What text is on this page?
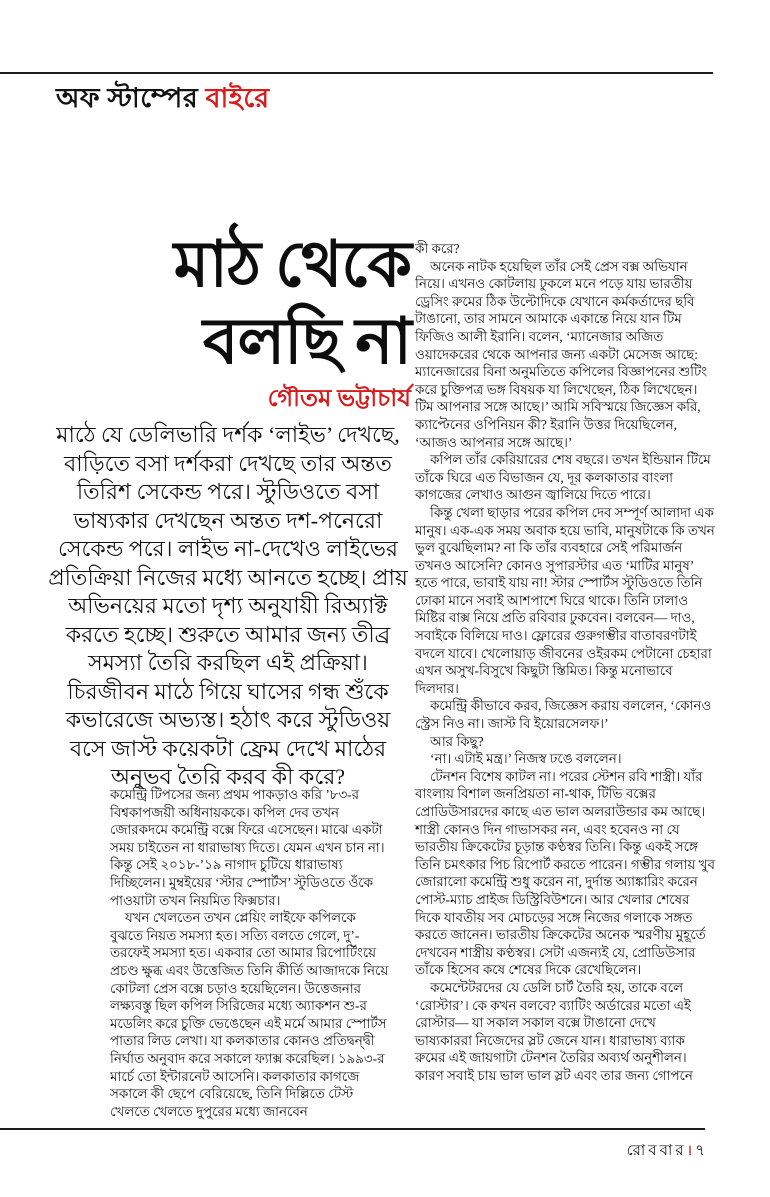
অফ স্টাম্পের বাইরে
মাঠ থেকে
বলছি না
গৌতম ভট্টাচার্য
মাঠে যে ডেলিভারি দর্শক ‘লাইভ’ দেখছে, বাড়িতে বসা দর্শকরা দেখছে তার অন্তত তিরিশ সেকেন্ড পরে। স্টুডিওতে বসা ভাষ্যকার দেখছেন অন্তত দশ-পনেরো সেকেন্ড পরে। লাইভ না-দেখেও লাইভের প্রতিক্রিয়া নিজের মধ্যে আনতে হচ্ছে। প্রায় অভিনয়ের মতো দৃশ্য অনুযায়ী রিঅ্যাক্ট করতে হচ্ছে। শুরুতে আমার জন্য তীব্র সমস্যা তৈরি করছিল এই প্রক্রিয়া। চিরজীবন মাঠে গিয়ে ঘাসের গন্ধ শুঁকে কভারেজে অভ্যস্ত। হঠাৎ করে স্টুডিওয় বসে জাস্ট কয়েকটা ফ্রেম দেখে মাঠের অনুভব তৈরি করব কী করে?

কমেন্ট্রি টিপসের জন্য প্রথম পাকড়াও করি ’৮৩-র বিশ্বকাপজয়ী অধিনায়ককে। কপিল দেব তখন জোরকদমে কমেন্ট্রি বক্সে ফিরে এসেছেন। মাঝে একটা সময় চাইতেন না ধারাভাষ্য দিতে। যেমন এখন চান না। কিন্তু সেই ২০১৮-’১৯ নাগাদ চুটিয়ে ধারাভাষ্য দিচ্ছিলেন। মুম্বইয়ের ‘স্টার স্পোর্টস’ স্টুডিওতে ওঁকে পাওয়াটা তখন নিয়মিত ফিক্সচার।

যখন খেলতেন তখন প্লেয়িং লাইফে কপিলকে বুঝতে নিয়ত সমস্যা হত। সত্যি বলতে গেলে, দু’-তরফেই সমস্যা হত। একবার তো আমার রিপোর্টিংয়ে প্রচণ্ড ক্ষুব্ধ এবং উত্তেজিত তিনি কীর্তি আজাদকে নিয়ে কোটলা প্রেস বক্সে চড়াও হয়েছিলেন। উত্তেজনার লক্ষ্যবস্তু ছিল কপিল সিরিজের মধ্যে অ্যাকশন শু-র মডেলিং করে চুক্তি ভেঙেছেন এই মর্মে আমার স্পোর্টস পাতার লিড লেখা। যা কলকাতার কোনও প্রতিদ্বন্দ্বী নির্ঘাত অনুবাদ করে সকালে ফ্যাক্স করেছিল। ১৯৯৩-র মার্চে তো ইন্টারনেট আসেনি। কলকাতার কাগজে সকালে কী ছেপে বেরিয়েছে, তিনি দিল্লিতে টেস্ট খেলতে খেলতে দুপুরের মধ্যে জানবেন

কী করে?

অনেক নাটক হয়েছিল তাঁর সেই প্রেস বক্স অভিযান নিয়ে। এখনও কোটলায় ঢুকলে মনে পড়ে যায় ভারতীয় ড্রেসিং রুমের ঠিক উল্টোদিকে যেখানে কর্মকর্তাদের ছবি টাঙানো, তার সামনে আমাকে একান্তে নিয়ে যান টিম ফিজিও আলী ইরানি। বলেন, ‘ম্যানেজার অজিত ওয়াদেকরের থেকে আপনার জন্য একটা মেসেজ আছে: ম্যানেজারের বিনা অনুমতিতে কপিলের বিজ্ঞাপনের শুটিং করে চুক্তিপত্র ভঙ্গ বিষয়ক যা লিখেছেন, ঠিক লিখেছেন। টিম আপনার সঙ্গে আছে।’ আমি সবিস্ময়ে জিজ্ঞেস করি, ক্যাপ্টেনের ওপিনিয়ন কী? ইরানি উত্তর দিয়েছিলেন, ‘আজও আপনার সঙ্গে আছে।’

কপিল তাঁর কেরিয়ারের শেষ বছরে। তখন ইন্ডিয়ান টিমে তাঁকে ঘিরে এত বিভাজন যে, দূর কলকাতার বাংলা কাগজের লেখাও আগুন জ্বালিয়ে দিতে পারে।

কিন্তু খেলা ছাড়ার পরের কপিল দেব সম্পূর্ণ আলাদা এক মানুষ। এক-এক সময় অবাক হয়ে ভাবি, মানুষটাকে কি তখন ভুল বুঝেছিলাম? না কি তাঁর ব্যবহারে সেই পরিমার্জন তখনও আসেনি? কোনও সুপারস্টার এত ‘মাটির মানুষ’ হতে পারে, ভাবাই যায় না! স্টার স্পোর্টস স্টুডিওতে তিনি ঢোকা মানে সবাই আশপাশে ঘিরে থাকে। তিনি ঢালাও মিষ্টির বাক্স নিয়ে প্রতি রবিবার ঢুকবেন। বলবেন— দাও, সবাইকে বিলিয়ে দাও। ফ্লোরের গুরুগম্ভীর বাতাবরণটাই বদলে যাবে। খেলোয়াড় জীবনের ওইরকম পেটানো চেহারা এখন অসুখ-বিসুখে কিছুটা স্তিমিত। কিন্তু মনোভাবে দিলদার।

কমেন্ট্রি কীভাবে করব, জিজ্ঞেস করায় বললেন, ‘কোনও স্ট্রেস নিও না। জাস্ট বি ইয়োরসেলফ।’

আর কিছু?

‘না। এটাই মন্ত্র।’ নিজস্ব ঢঙে বললেন।

টেনশন বিশেষ কাটল না। পরের স্টেশন রবি শাস্ত্রী। যাঁর বাংলায় বিশাল জনপ্রিয়তা না-থাক, টিভি বক্সের প্রোডিউসারদের কাছে এত ভাল অলরাউন্ডার কম আছে। শাস্ত্রী কোনও দিন গাভাসকর নন, এবং হবেনও না যে ভারতীয় ক্রিকেটের চূড়ান্ত কণ্ঠস্বর তিনি। কিন্তু একই সঙ্গে তিনি চমৎকার পিচ রিপোর্ট করতে পারেন। গম্ভীর গলায় খুব জোরালো কমেন্ট্রি শুধু করেন না, দুর্দান্ত অ্যাঙ্কারিং করেন পোস্ট-ম্যাচ প্রাইজ ডিস্ট্রিবিউশনে। আর খেলার শেষের দিকে যাবতীয় সব মোচড়ের সঙ্গে নিজের গলাকে সঙ্গত করতে জানেন। ভারতীয় ক্রিকেটের অনেক স্মরণীয় মুহূর্তে দেখবেন শাস্ত্রীয় কণ্ঠস্বর। সেটা এজন্যই যে, প্রোডিউসার তাঁকে হিসেব কষে শেষের দিকে রেখেছিলেন।

কমেন্টেটরদের যে ডেলি চার্ট তৈরি হয়, তাকে বলে ‘রোস্টার’। কে কখন বলবে? ব্যাটিং অর্ডারের মতো এই রোস্টার— যা সকাল সকাল বক্সে টাঙানো দেখে ভাষ্যকাররা নিজেদের স্লট জেনে যান। ধারাভাষ্য ব্যাক রুমের এই জায়গাটা টেনশন তৈরির অব্যর্থ অনুশীলন। কারণ সবাই চায় ভাল ভাল স্লট এবং তার জন্য গোপনে

রোববার। ৭
